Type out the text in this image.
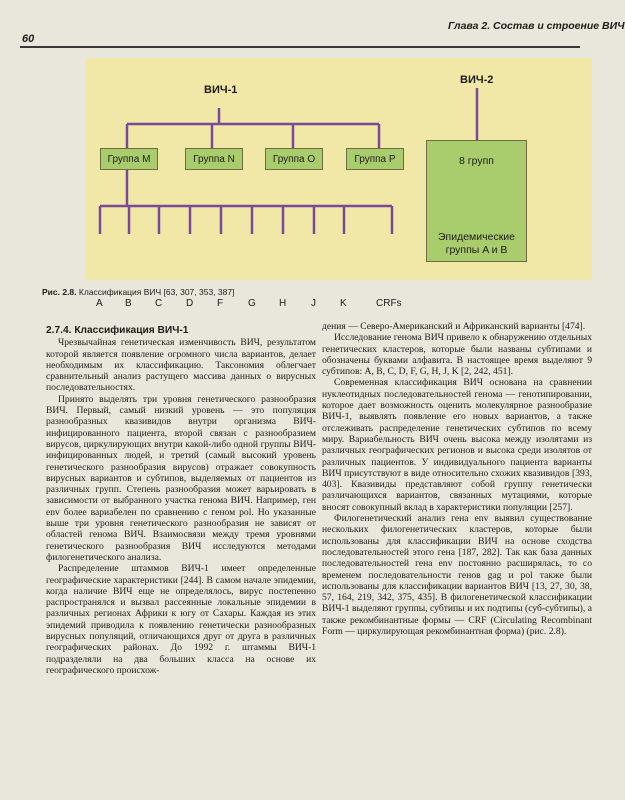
60
Глава 2. Состав и строение ВИЧ
ВИЧ-1
ВИЧ-2
Группа M	Группа N	Группа O	Группа P	8 групп
Эпидемические
группы A и B
A B C D F G H J K	CRFs
Рис. 2.8. Классификация ВИЧ [63, 307, 353, 387]
2.7.4. Классификация ВИЧ-1

Чрезвычайная генетическая изменчивость ВИЧ, результатом которой является появление огромного числа вариантов, делает необходимым их классификацию. Таксономия облегчает сравнительный анализ растущего массива данных о вирусных последовательностях.

Принято выделять три уровня генетического разнообразия ВИЧ. Первый, самый низкий уровень — это популяция разнообразных квазивидов внутри организма ВИЧ-инфицированного пациента, второй связан с разнообразием вирусов, циркулирующих внутри какой-либо одной группы ВИЧ-инфицированных людей, и третий (самый высокий уровень генетического разнообразия вирусов) отражает совокупность вирусных вариантов и субтипов, выделяемых от пациентов из различных групп. Степень разнообразия может варьировать в зависимости от выбранного участка генома ВИЧ. Например, ген env более вариабелен по сравнению с геном pol. Но указанные выше три уровня генетического разнообразия не зависят от областей генома ВИЧ. Взаимосвязи между тремя уровнями генетического разнообразия ВИЧ исследуются методами филогенетического анализа.

Распределение штаммов ВИЧ-1 имеет определенные географические характеристики [244]. В самом начале эпидемии, когда наличие ВИЧ еще не определялось, вирус постепенно распространялся и вызвал рассеянные локальные эпидемии в различных регионах Африки к югу от Сахары. Каждая из этих эпидемий приводила к появлению генетически разнообразных вирусных популяций, отличающихся друг от друга в различных географических районах. До 1992 г. штаммы ВИЧ-1 подразделяли на два больших класса на основе их географического происхож-

дения — Северо-Американский и Африканский варианты [474].

Исследование генома ВИЧ привело к обнаружению отдельных генетических кластеров, которые были названы субтипами и обозначены буквами алфавита. В настоящее время выделяют 9 субтипов: A, B, C, D, F, G, H, J, K [2, 242, 451].

Современная классификация ВИЧ основана на сравнении нуклеотидных последовательностей генома — генотипировании, которое дает возможность оценить молекулярное разнообразие ВИЧ-1, выявлять появление его новых вариантов, а также отслеживать распределение генетических субтипов по всему миру. Вариабельность ВИЧ очень высока между изолятами из различных географических регионов и высока среди изолятов от различных пациентов. У индивидуального пациента варианты ВИЧ присутствуют в виде относительно схожих квазивидов [393, 403]. Квазивиды представляют собой группу генетически различающихся вариантов, связанных мутациями, которые вносят совокупный вклад в характеристики популяции [257].

Филогенетический анализ гена env выявил существование нескольких филогенетических кластеров, которые были использованы для классификации ВИЧ на основе сходства последовательностей этого гена [187, 282]. Так как база данных последовательностей гена env постоянно расширялась, то со временем последовательности генов gag и pol также были использованы для классификации вариантов ВИЧ [13, 27, 30, 38, 57, 164, 219, 342, 375, 435]. В филогенетической классификации ВИЧ-1 выделяют группы, субтипы и их подтипы (суб-субтипы), а также рекомбинантные формы — CRF (Circulating Recombinant Form — циркулирующая рекомбинантная форма) (рис. 2.8).
